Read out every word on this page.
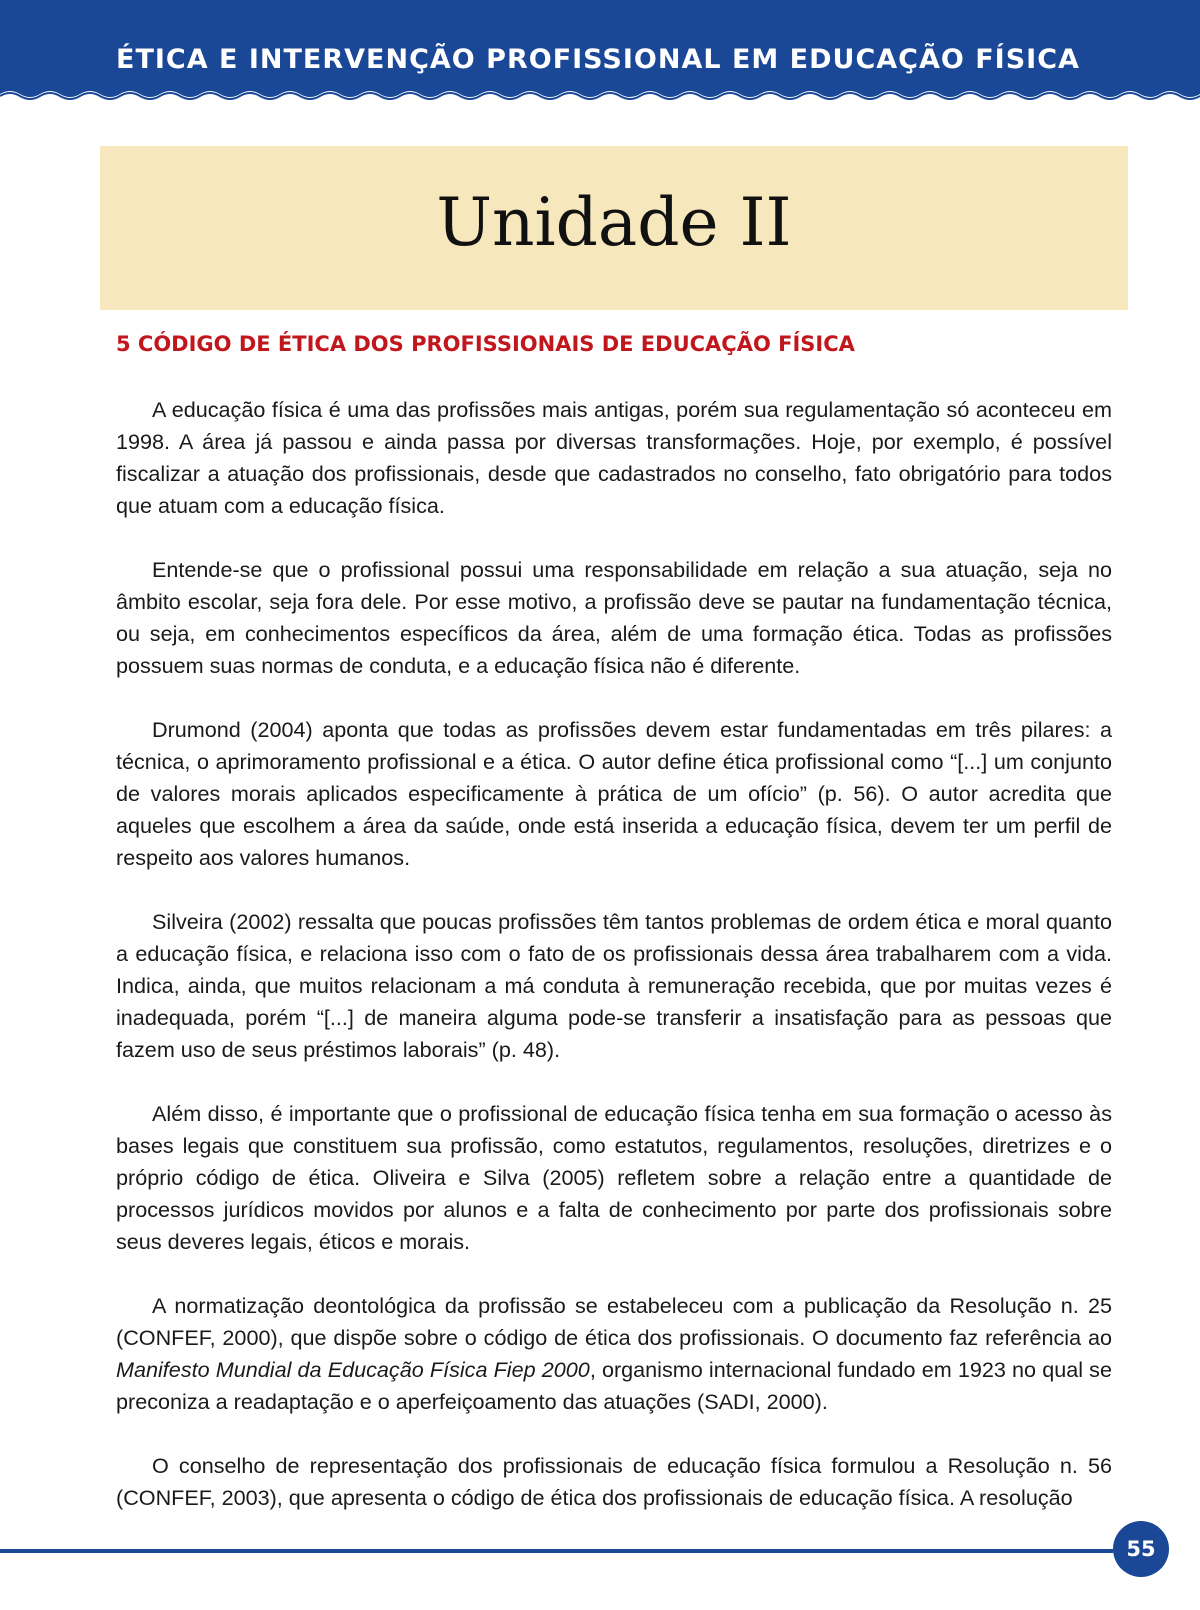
ÉTICA E INTERVENÇÃO PROFISSIONAL EM EDUCAÇÃO FÍSICA
Unidade II
5 CÓDIGO DE ÉTICA DOS PROFISSIONAIS DE EDUCAÇÃO FÍSICA

A educação física é uma das profissões mais antigas, porém sua regulamentação só aconteceu em 1998. A área já passou e ainda passa por diversas transformações. Hoje, por exemplo, é possível fiscalizar a atuação dos profissionais, desde que cadastrados no conselho, fato obrigatório para todos que atuam com a educação física.

Entende-se que o profissional possui uma responsabilidade em relação a sua atuação, seja no âmbito escolar, seja fora dele. Por esse motivo, a profissão deve se pautar na fundamentação técnica, ou seja, em conhecimentos específicos da área, além de uma formação ética. Todas as profissões possuem suas normas de conduta, e a educação física não é diferente.

Drumond (2004) aponta que todas as profissões devem estar fundamentadas em três pilares: a técnica, o aprimoramento profissional e a ética. O autor define ética profissional como “[...] um conjunto de valores morais aplicados especificamente à prática de um ofício” (p. 56). O autor acredita que aqueles que escolhem a área da saúde, onde está inserida a educação física, devem ter um perfil de respeito aos valores humanos.

Silveira (2002) ressalta que poucas profissões têm tantos problemas de ordem ética e moral quanto a educação física, e relaciona isso com o fato de os profissionais dessa área trabalharem com a vida. Indica, ainda, que muitos relacionam a má conduta à remuneração recebida, que por muitas vezes é inadequada, porém “[...] de maneira alguma pode-se transferir a insatisfação para as pessoas que fazem uso de seus préstimos laborais” (p. 48).

Além disso, é importante que o profissional de educação física tenha em sua formação o acesso às bases legais que constituem sua profissão, como estatutos, regulamentos, resoluções, diretrizes e o próprio código de ética. Oliveira e Silva (2005) refletem sobre a relação entre a quantidade de processos jurídicos movidos por alunos e a falta de conhecimento por parte dos profissionais sobre seus deveres legais, éticos e morais.

A normatização deontológica da profissão se estabeleceu com a publicação da Resolução n. 25 (CONFEF, 2000), que dispõe sobre o código de ética dos profissionais. O documento faz referência ao Manifesto Mundial da Educação Física Fiep 2000, organismo internacional fundado em 1923 no qual se preconiza a readaptação e o aperfeiçoamento das atuações (SADI, 2000).

O conselho de representação dos profissionais de educação física formulou a Resolução n. 56 (CONFEF, 2003), que apresenta o código de ética dos profissionais de educação física. A resolução

55
